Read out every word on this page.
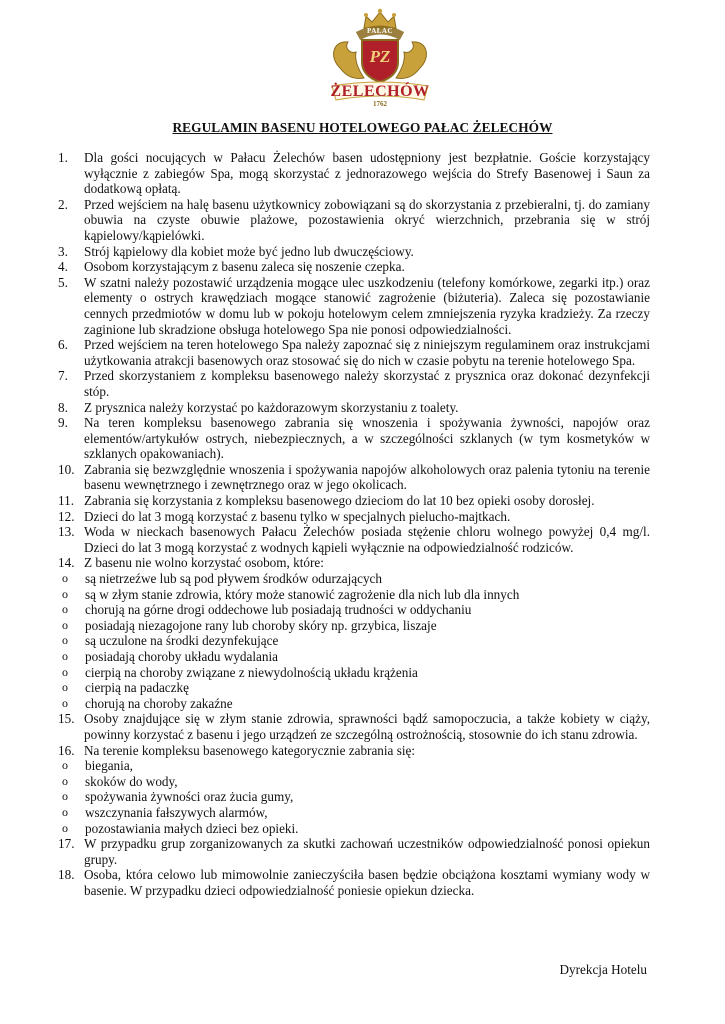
PAŁAC
PZ
ŻELECHÓW
1762
REGULAMIN BASENU HOTELOWEGO PAŁAC ŻELECHÓW
1.	Dla gości nocujących w Pałacu Żelechów basen udostępniony jest bezpłatnie. Goście korzystający wyłącznie z zabiegów Spa, mogą skorzystać z jednorazowego wejścia do Strefy Basenowej i Saun za dodatkową opłatą.
2.	Przed wejściem na halę basenu użytkownicy zobowiązani są do skorzystania z przebieralni, tj. do zamiany obuwia na czyste obuwie plażowe, pozostawienia okryć wierzchnich, przebrania się w strój kąpielowy/kąpielówki.
3.	Strój kąpielowy dla kobiet może być jedno lub dwuczęściowy.
4.	Osobom korzystającym z basenu zaleca się noszenie czepka.
5.	W szatni należy pozostawić urządzenia mogące ulec uszkodzeniu (telefony komórkowe, zegarki itp.) oraz elementy o ostrych krawędziach mogące stanowić zagrożenie (biżuteria). Zaleca się pozostawianie cennych przedmiotów w domu lub w pokoju hotelowym celem zmniejszenia ryzyka kradzieży. Za rzeczy zaginione lub skradzione obsługa hotelowego Spa nie ponosi odpowiedzialności.
6.	Przed wejściem na teren hotelowego Spa należy zapoznać się z niniejszym regulaminem oraz instrukcjami użytkowania atrakcji basenowych oraz stosować się do nich w czasie pobytu na terenie hotelowego Spa.
7.	Przed skorzystaniem z kompleksu basenowego należy skorzystać z prysznica oraz dokonać dezynfekcji stóp.
8.	Z prysznica należy korzystać po każdorazowym skorzystaniu z toalety.
9.	Na teren kompleksu basenowego zabrania się wnoszenia i spożywania żywności, napojów oraz elementów/artykułów ostrych, niebezpiecznych, a w szczególności szklanych (w tym kosmetyków w szklanych opakowaniach).
10. Zabrania się bezwzględnie wnoszenia i spożywania napojów alkoholowych oraz palenia tytoniu na terenie basenu wewnętrznego i zewnętrznego oraz w jego okolicach.
11. Zabrania się korzystania z kompleksu basenowego dzieciom do lat 10 bez opieki osoby dorosłej.
12. Dzieci do lat 3 mogą korzystać z basenu tylko w specjalnych pieluchо-majtkach.
13. Woda w nieckach basenowych Pałacu Żelechów posiada stężenie chloru wolnego powyżej 0,4 mg/l. Dzieci do lat 3 mogą korzystać z wodnych kąpieli wyłącznie na odpowiedzialność rodziców.
14. Z basenu nie wolno korzystać osobom, które:
o	są nietrzeźwe lub są pod pływem środków odurzających
o	są w złym stanie zdrowia, który może stanowić zagrożenie dla nich lub dla innych
o	chorują na górne drogi oddechowe lub posiadają trudności w oddychaniu
o	posiadają niezagojone rany lub choroby skóry np. grzybica, liszaje
o	są uczulone na środki dezynfekujące
o	posiadają choroby układu wydalania
o	cierpią na choroby związane z niewydolnością układu krążenia
o	cierpią na padaczkę
o	chorują na choroby zakaźne
15. Osoby znajdujące się w złym stanie zdrowia, sprawności bądź samopoczucia, a także kobiety w ciąży, powinny korzystać z basenu i jego urządzeń ze szczególną ostrożnością, stosownie do ich stanu zdrowia.
16. Na terenie kompleksu basenowego kategorycznie zabrania się:
o	biegania,
o	skoków do wody,
o	spożywania żywności oraz żucia gumy,
o	wszczynania fałszywych alarmów,
o	pozostawiania małych dzieci bez opieki.
17. W przypadku grup zorganizowanych za skutki zachowań uczestników odpowiedzialność ponosi opiekun grupy.
18. Osoba, która celowo lub mimowolnie zanieczyściła basen będzie obciążona kosztami wymiany wody w basenie. W przypadku dzieci odpowiedzialność poniesie opiekun dziecka.
Dyrekcja Hotelu
